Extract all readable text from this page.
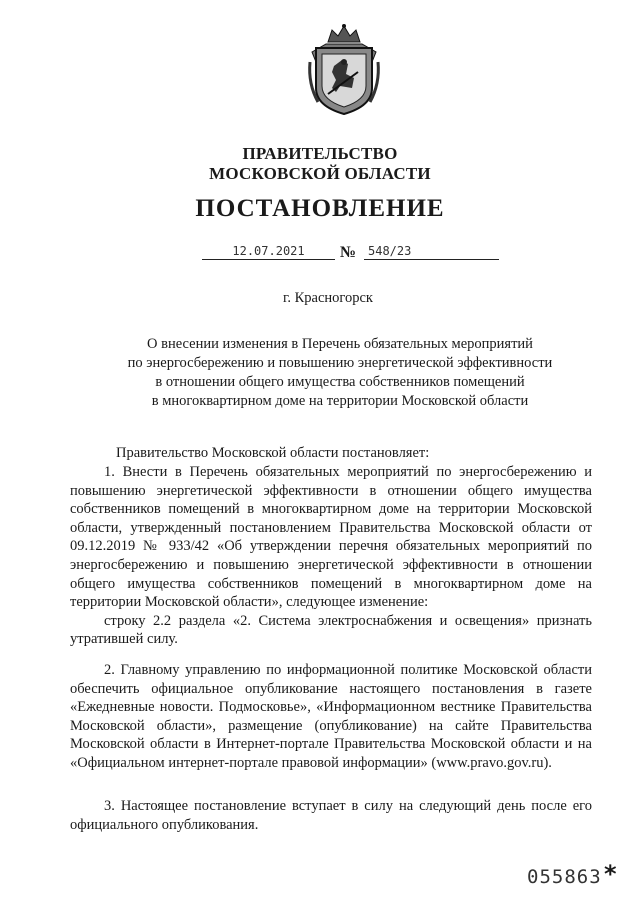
ПРАВИТЕЛЬСТВО
МОСКОВСКОЙ ОБЛАСТИ
ПОСТАНОВЛЕНИЕ
12.07.2021	№ 548/23
г. Красногорск
О внесении изменения в Перечень обязательных мероприятий
по энергосбережению и повышению энергетической эффективности
в отношении общего имущества собственников помещений
в многоквартирном доме на территории Московской области
Правительство Московской области постановляет:

1. Внести в Перечень обязательных мероприятий по энергосбережению и повышению энергетической эффективности в отношении общего имущества собственников помещений в многоквартирном доме на территории Московской области, утвержденный постановлением Правительства Московской области от 09.12.2019 № 933/42 «Об утверждении перечня обязательных мероприятий по энергосбережению и повышению энергетической эффективности в отношении общего имущества собственников помещений в многоквартирном доме на территории Московской области», следующее изменение:

строку 2.2 раздела «2. Система электроснабжения и освещения» признать утратившей силу.

2. Главному управлению по информационной политике Московской области обеспечить официальное опубликование настоящего постановления в газете «Ежедневные новости. Подмосковье», «Информационном вестнике Правительства Московской области», размещение (опубликование) на сайте Правительства Московской области в Интернет-портале Правительства Московской области и на «Официальном интернет-портале правовой информации» (www.pravo.gov.ru).

3. Настоящее постановление вступает в силу на следующий день после его официального опубликования.

055863 *
